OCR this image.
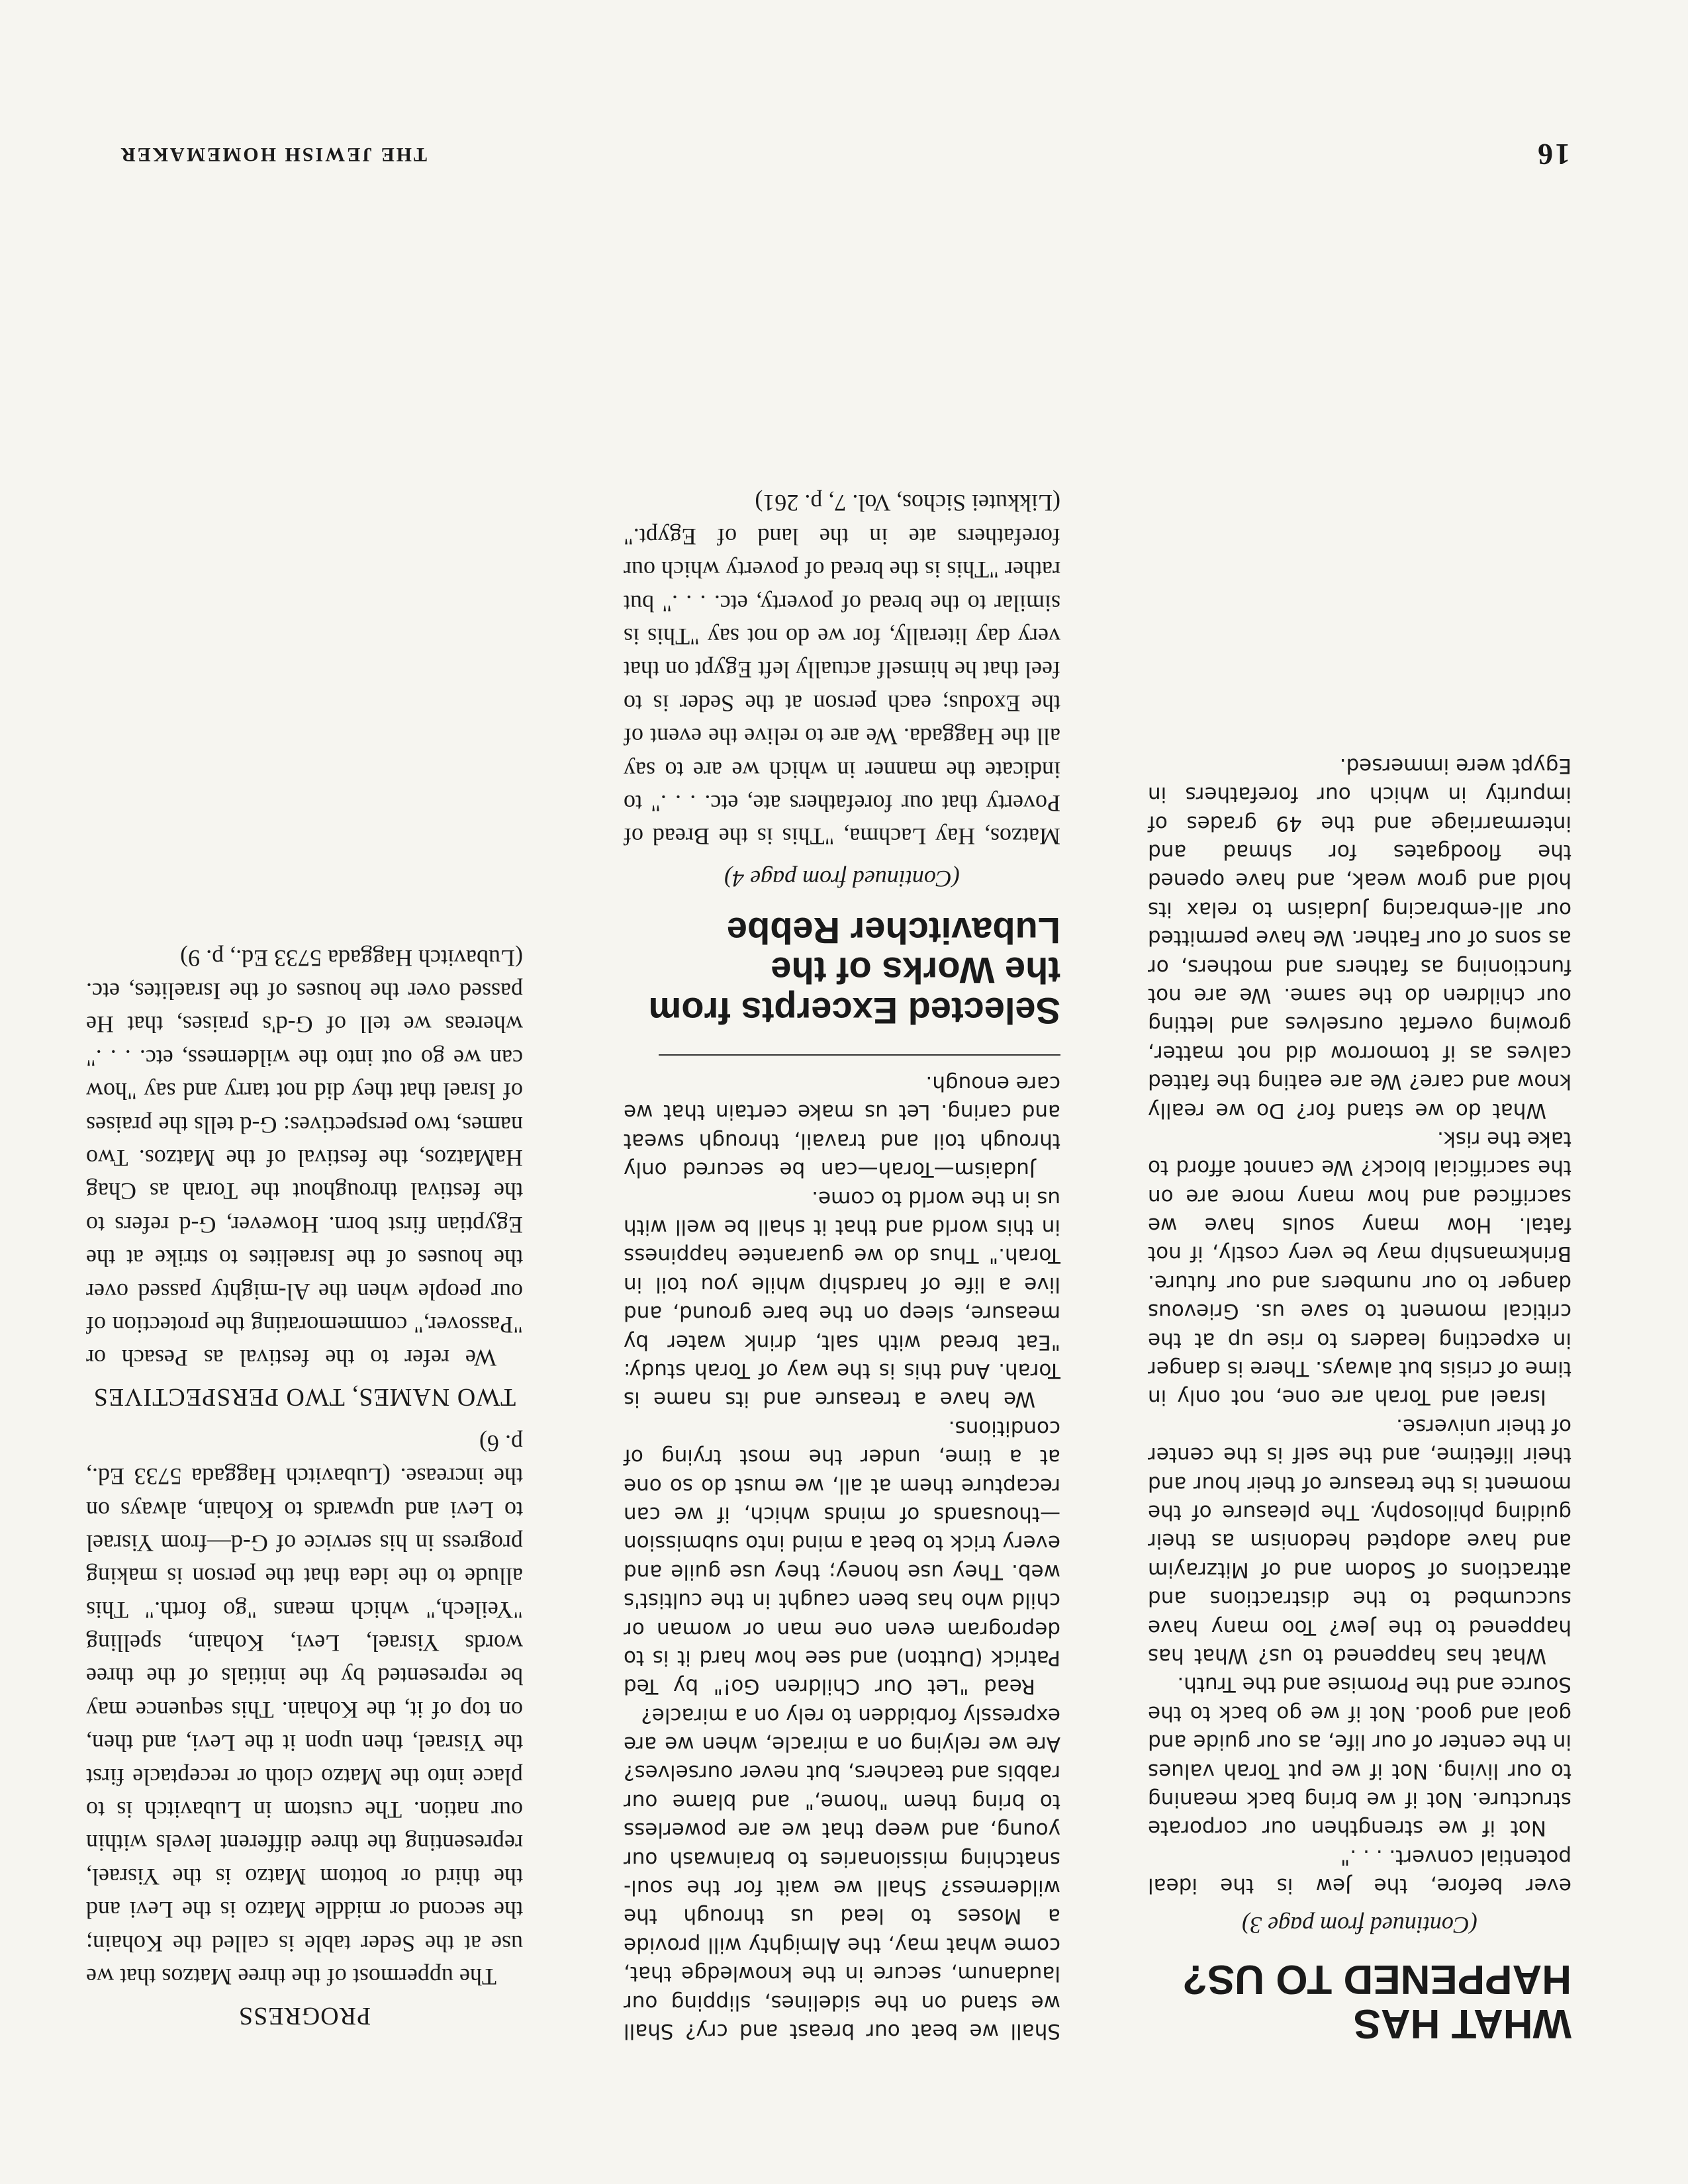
16
THE JEWISH HOMEMAKER
WHAT HAS HAPPENED TO US?
(Continued from page 3)

ever before, the Jew is the ideal potential convert. . . ."

Not if we strengthen our corporate structure. Not if we bring back meaning to our living. Not if we put Torah values in the center of our life, as our guide and goal and good. Not if we go back to the Source and the Promise and the Truth.

What has happened to us? What has happened to the Jew? Too many have succumbed to the distractions and attractions of Sodom and of Mitzrayim and have adopted hedonism as their guiding philosophy. The pleasure of the moment is the treasure of their hour and their lifetime, and the self is the center of their universe.

Israel and Torah are one, not only in time of crisis but always. There is danger in expecting leaders to rise up at the critical moment to save us. Grievous danger to our numbers and our future. Brinkmanship may be very costly, if not fatal. How many souls have we sacrificed and how many more are on the sacrificial block? We cannot afford to take the risk.

What do we stand for? Do we really know and care? We are eating the fatted calves as if tomorrow did not matter, growing overfat ourselves and letting our children do the same. We are not functioning as fathers and mothers, or as sons of our Father. We have permitted our all-embracing Judaism to relax its hold and grow weak, and have opened the floodgates for shmad and intermarriage and the 49 grades of impurity in which our forefathers in Egypt were immersed.

Shall we beat our breast and cry? Shall we stand on the sidelines, slipping our laudanum, secure in the knowledge that, come what may, the Almighty will provide a Moses to lead us through the wilderness? Shall we wait for the soul-snatching missionaries to brainwash our young, and weep that we are powerless to bring them "home," and blame our rabbis and teachers, but never ourselves? Are we relying on a miracle, when we are expressly forbidden to rely on a miracle?

Read "Let Our Children Go!" by Ted Patrick (Dutton) and see how hard it is to deprogram even one man or woman or child who has been caught in the cultist's web. They use honey; they use guile and every trick to beat a mind into submission—thousands of minds which, if we can recapture them at all, we must do so one at a time, under the most trying of conditions.

We have a treasure and its name is Torah. And this is the way of Torah study: "Eat bread with salt, drink water by measure, sleep on the bare ground, and live a life of hardship while you toil in Torah." Thus do we guarantee happiness in this world and that it shall be well with us in the world to come.

Judaism—Torah—can be secured only through toil and travail, through sweat and caring. Let us make certain that we care enough.

Selected Excerpts from the Works of the Lubavitcher Rebbe
(Continued from page 4)

Matzos, Hay Lachma, "This is the Bread of Poverty that our forefathers ate, etc. . . ." to indicate the manner in which we are to say all the Haggada. We are to relive the event of the Exodus; each person at the Seder is to feel that he himself actually left Egypt on that very day literally, for we do not say "This is similar to the bread of poverty, etc. . . ." but rather "This is the bread of poverty which our forefathers ate in the land of Egypt." (Likkutei Sichos, Vol. 7, p. 261)

PROGRESS

The uppermost of the three Matzos that we use at the Seder table is called the Kohain; the second or middle Matzo is the Levi and the third or bottom Matzo is the Yisrael, representing the three different levels within our nation. The custom in Lubavitch is to place into the Matzo cloth or receptacle first the Yisrael, then upon it the Levi, and then, on top of it, the Kohain. This sequence may be represented by the initials of the three words Yisrael, Levi, Kohain, spelling "Yeilech," which means "go forth." This allude to the idea that the person is making progress in his service of G-d—from Yisrael to Levi and upwards to Kohain, always on the increase. (Lubavitch Haggada 5733 Ed., p. 6)

TWO NAMES, TWO PERSPECTIVES

We refer to the festival as Pesach or "Passover," commemorating the protection of our people when the Al-mighty passed over the houses of the Israelites to strike at the Egyptian first born. However, G-d refers to the festival throughout the Torah as Chag HaMatzos, the festival of the Matzos. Two names, two perspectives: G-d tells the praises of Israel that they did not tarry and say "how can we go out into the wilderness, etc. . . ." whereas we tell of G-d's praises, that He passed over the houses of the Israelites, etc. (Lubavitch Haggada 5733 Ed., p. 9)
